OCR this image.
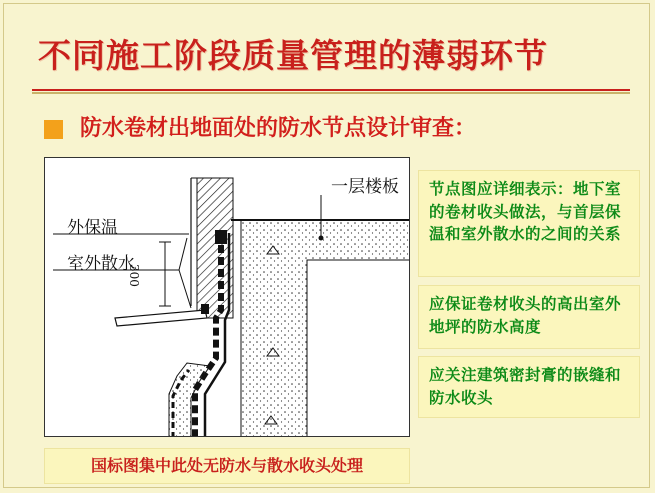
不同施工阶段质量管理的薄弱环节
防水卷材出地面处的防水节点设计审查：
一层楼板
外保温
室外散水
300
节点图应详细表示：地下室的卷材收头做法，与首层保温和室外散水的之间的关系
应保证卷材收头的高出室外地坪的防水高度
应关注建筑密封膏的嵌缝和防水收头
国标图集中此处无防水与散水收头处理
